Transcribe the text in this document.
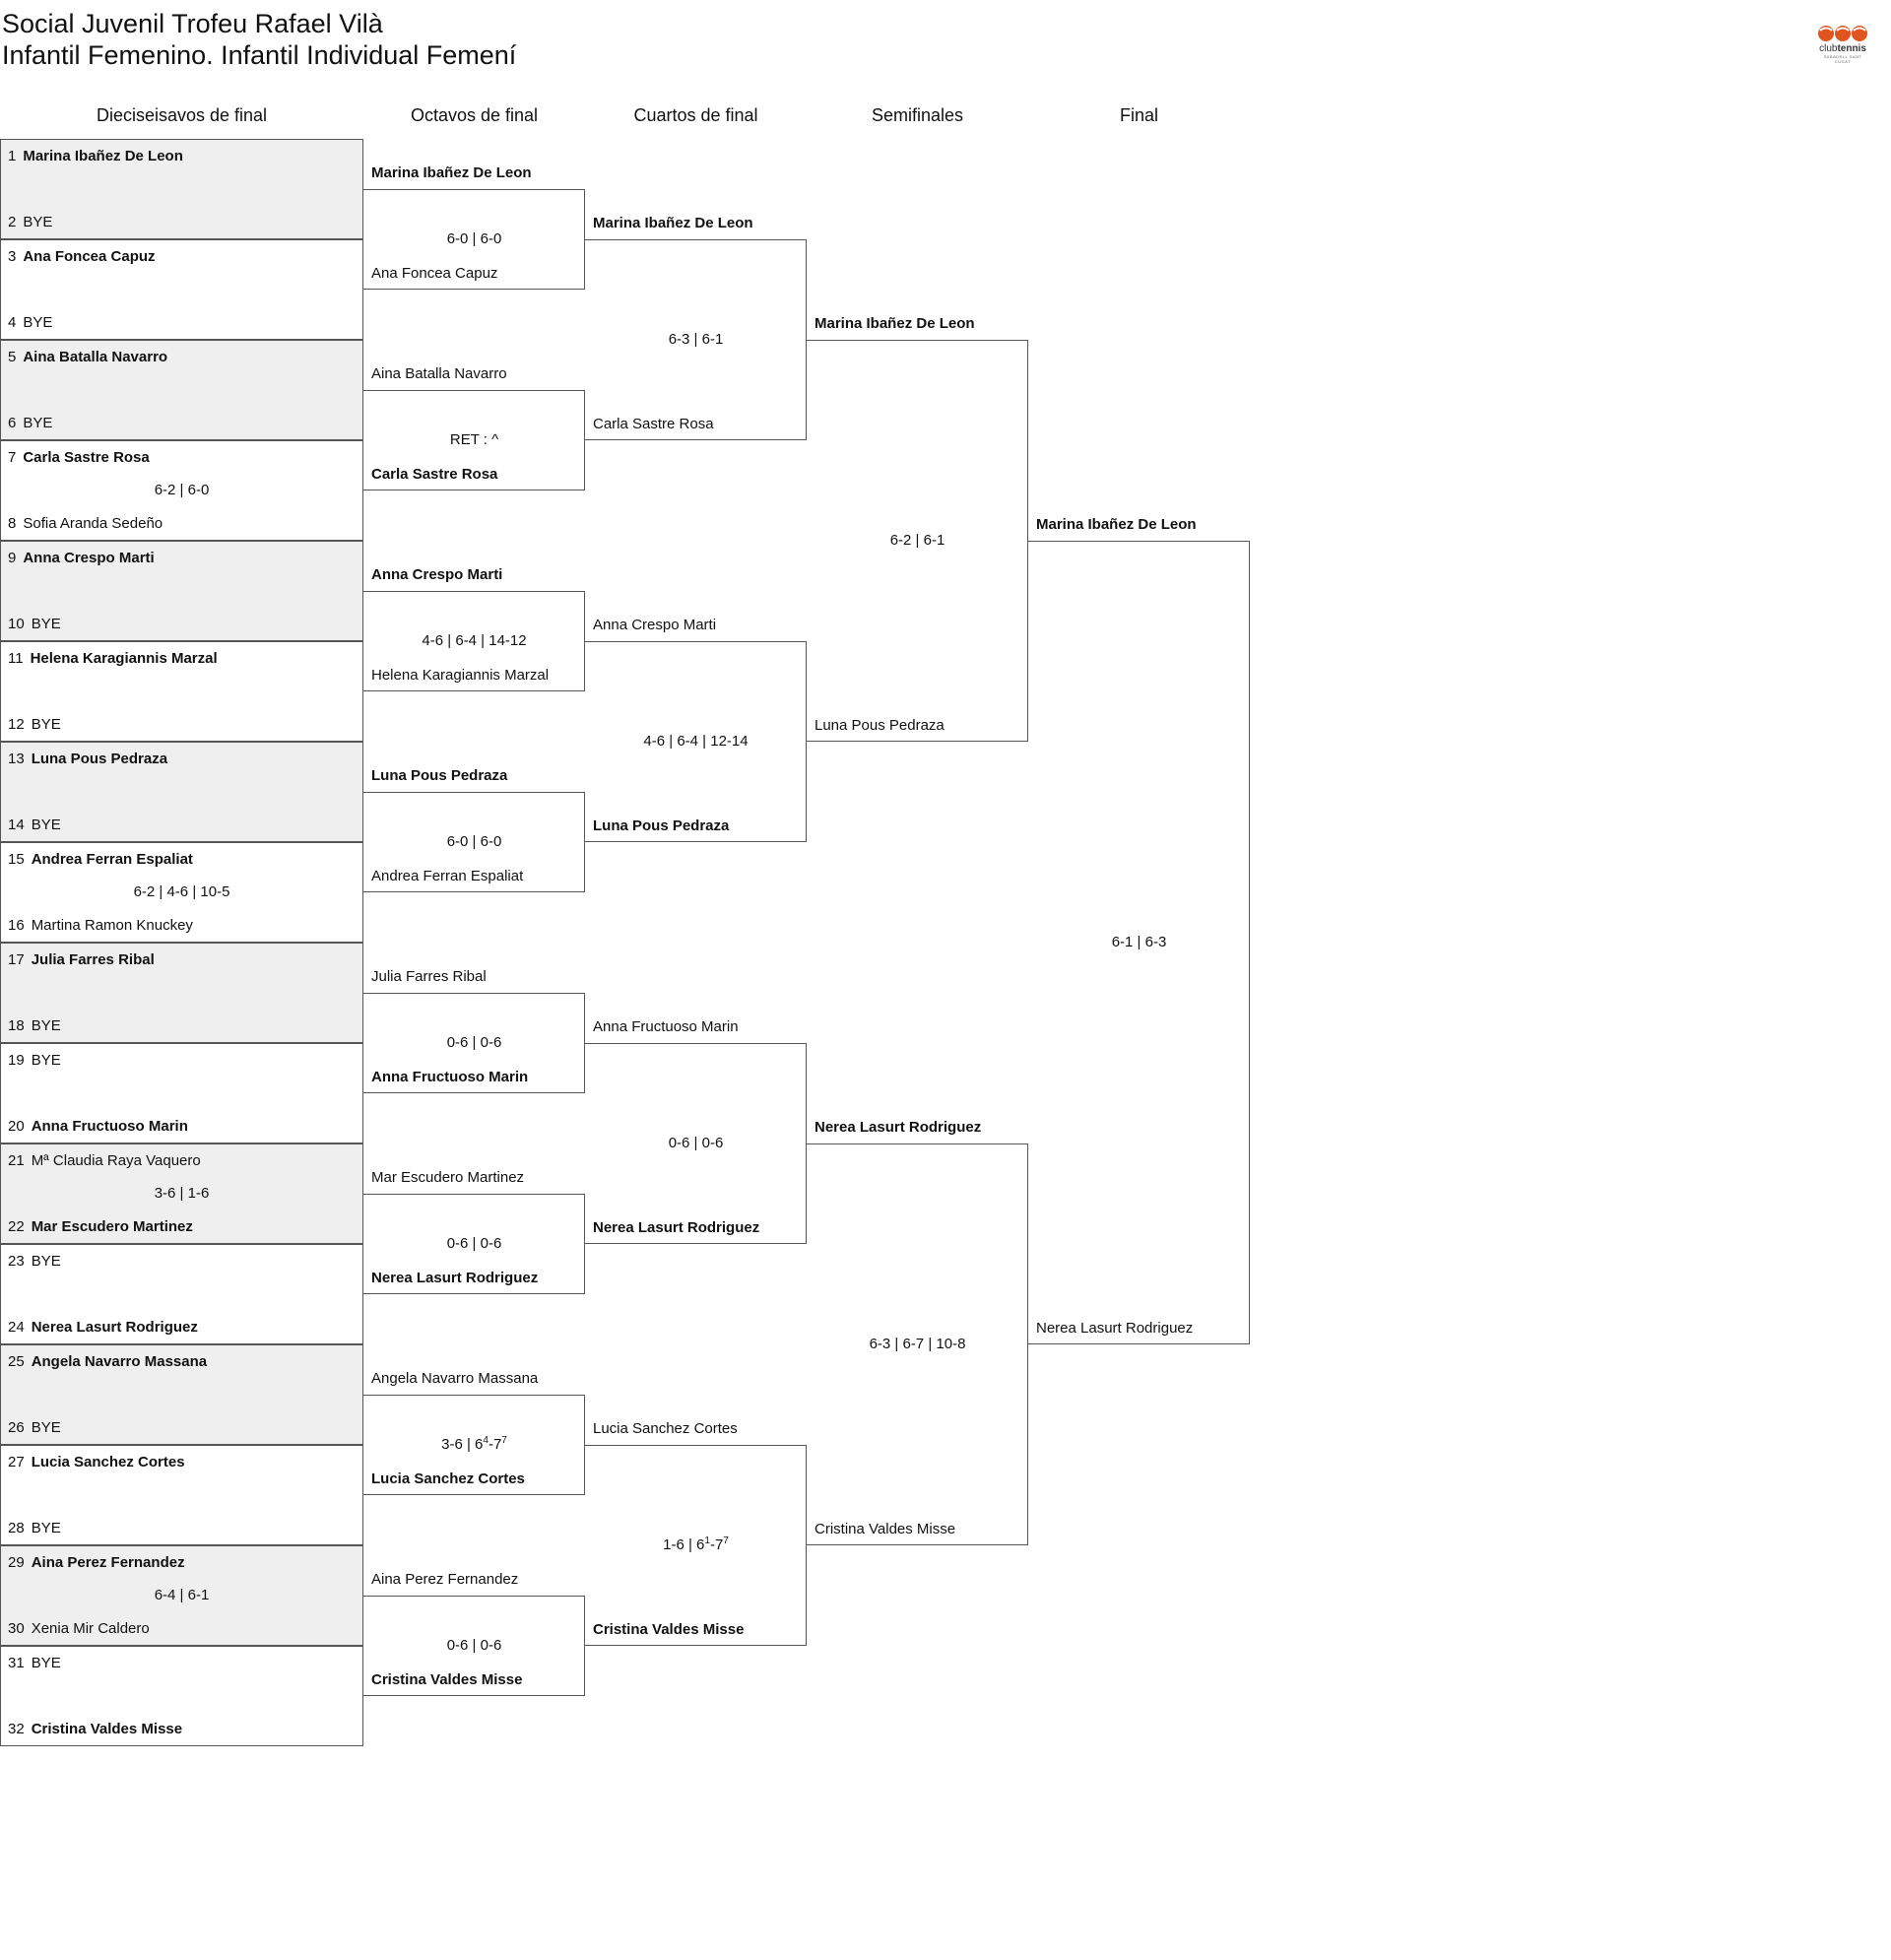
Social Juvenil Trofeu Rafael Vilà
Infantil Femenino. Infantil Individual Femení	clubtennis
SABADELL SANT CUGAT
Dieciseisavos de final	Octavos de final	Cuartos de final	Semifinales	Final
1 Marina Ibañez De Leon
2 BYE
3 Ana Foncea Capuz
4 BYE
5 Aina Batalla Navarro
6 BYE
7 Carla Sastre Rosa
8 Sofia Aranda Sedeño
6-2 | 6-0
9 Anna Crespo Marti
10 BYE
11 Helena Karagiannis Marzal
12 BYE
13 Luna Pous Pedraza
14 BYE
15 Andrea Ferran Espaliat
16 Martina Ramon Knuckey
6-2 | 4-6 | 10-5
17 Julia Farres Ribal
18 BYE
19 BYE
20 Anna Fructuoso Marin
21 Mª Claudia Raya Vaquero
22 Mar Escudero Martinez
3-6 | 1-6
23 BYE
24 Nerea Lasurt Rodriguez
25 Angela Navarro Massana
26 BYE
27 Lucia Sanchez Cortes
28 BYE
29 Aina Perez Fernandez
30 Xenia Mir Caldero
6-4 | 6-1
31 BYE
32 Cristina Valdes Misse
Marina Ibañez De Leon
Ana Foncea Capuz
6-0 | 6-0
Aina Batalla Navarro
Carla Sastre Rosa
RET : ^
Anna Crespo Marti
Helena Karagiannis Marzal
4-6 | 6-4 | 14-12
Luna Pous Pedraza
Andrea Ferran Espaliat
6-0 | 6-0
Julia Farres Ribal
Anna Fructuoso Marin
0-6 | 0-6
Mar Escudero Martinez
Nerea Lasurt Rodriguez
0-6 | 0-6
Angela Navarro Massana
Lucia Sanchez Cortes
3-6 | $6^4-7^7$
Aina Perez Fernandez
Cristina Valdes Misse
0-6 | 0-6
Marina Ibañez De Leon
Carla Sastre Rosa
6-3 | 6-1
Anna Crespo Marti
Luna Pous Pedraza
4-6 | 6-4 | 12-14
Anna Fructuoso Marin
Nerea Lasurt Rodriguez
0-6 | 0-6
Lucia Sanchez Cortes
Cristina Valdes Misse
1-6 | $6^1-7^7$
Marina Ibañez De Leon
Luna Pous Pedraza
6-2 | 6-1
Nerea Lasurt Rodriguez
Cristina Valdes Misse
6-3 | 6-7 | 10-8
Marina Ibañez De Leon
Nerea Lasurt Rodriguez
6-1 | 6-3
